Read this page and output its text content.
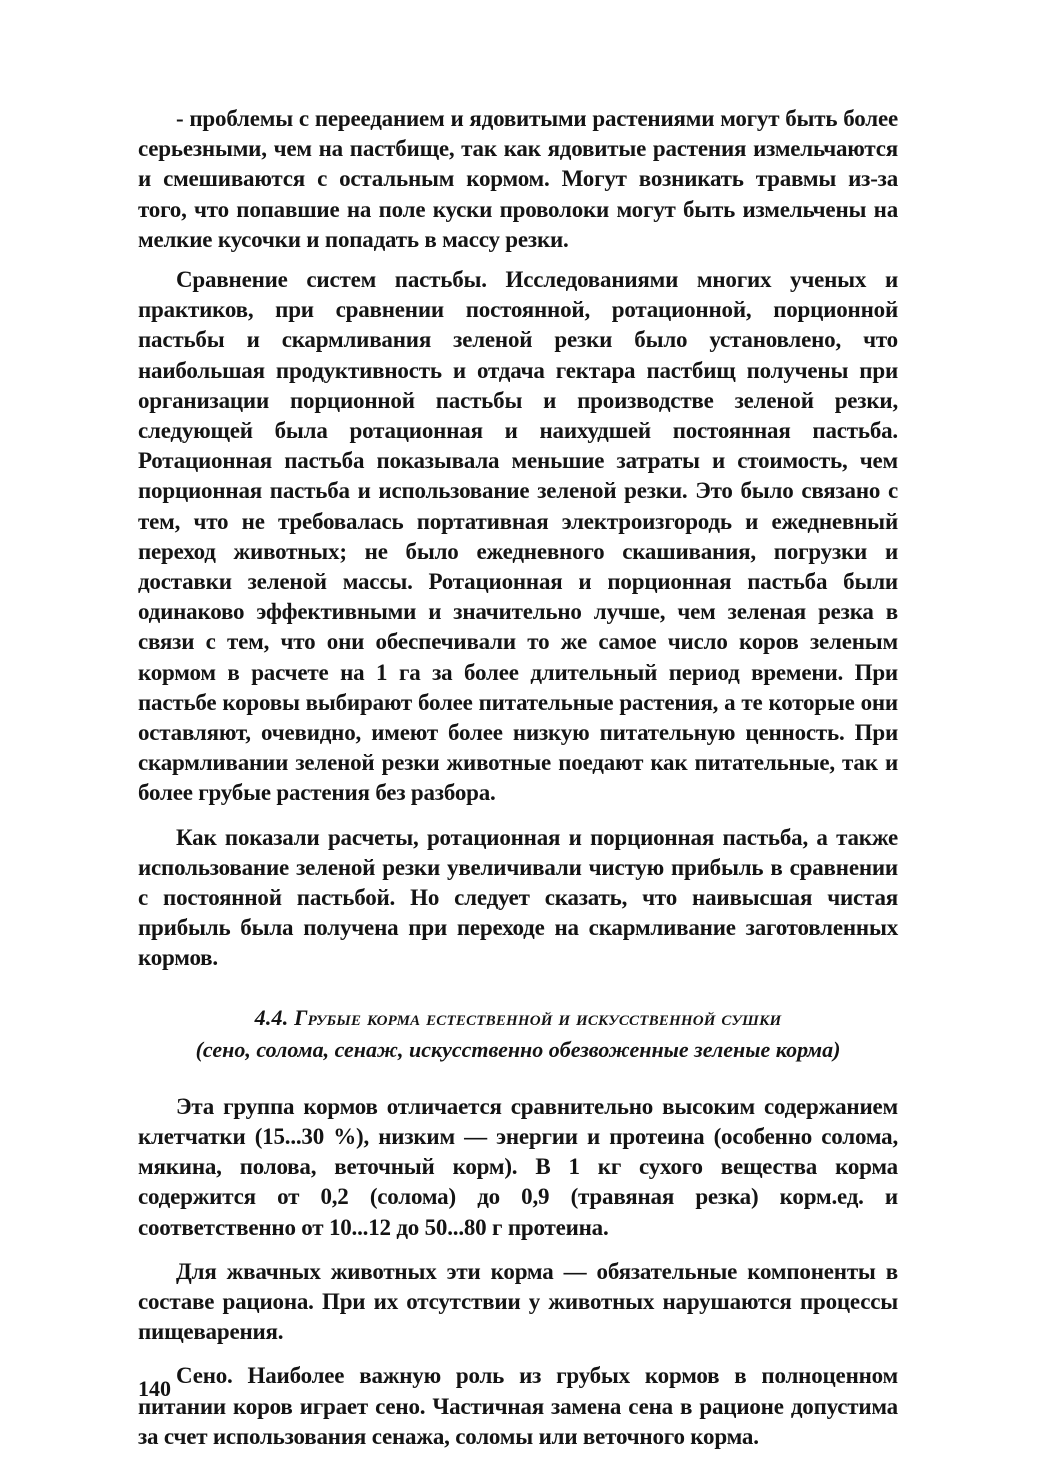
- проблемы с перееданием и ядовитыми растениями могут быть более серьезными, чем на пастбище, так как ядовитые растения измельчаются и смешиваются с остальным кормом. Могут возникать травмы из-за того, что попавшие на поле куски проволоки могут быть измельчены на мелкие кусочки и попадать в массу резки.

Сравнение систем пастьбы. Исследованиями многих ученых и практиков, при сравнении постоянной, ротационной, порционной пастьбы и скармливания зеленой резки было установлено, что наибольшая продуктивность и отдача гектара пастбищ получены при организации порционной пастьбы и производстве зеленой резки, следующей была ротационная и наихудшей постоянная пастьба. Ротационная пастьба показывала меньшие затраты и стоимость, чем порционная пастьба и использование зеленой резки. Это было связано с тем, что не требовалась портативная электроизгородь и ежедневный переход животных; не было ежедневного скашивания, погрузки и доставки зеленой массы. Ротационная и порционная пастьба были одинаково эффективными и значительно лучше, чем зеленая резка в связи с тем, что они обеспечивали то же самое число коров зеленым кормом в расчете на 1 га за более длительный период времени. При пастьбе коровы выбирают более питательные растения, а те которые они оставляют, очевидно, имеют более низкую питательную ценность. При скармливании зеленой резки животные поедают как питательные, так и более грубые растения без разбора.

Как показали расчеты, ротационная и порционная пастьба, а также использование зеленой резки увеличивали чистую прибыль в сравнении с постоянной пастьбой. Но следует сказать, что наивысшая чистая прибыль была получена при переходе на скармливание заготовленных кормов.

4.4. Грубые корма естественной и искусственной сушки
(сено, солома, сенаж, искусственно обезвоженные зеленые корма)

Эта группа кормов отличается сравнительно высоким содержанием клетчатки (15...30 %), низким — энергии и протеина (особенно солома, мякина, полова, веточный корм). В 1 кг сухого вещества корма содержится от 0,2 (солома) до 0,9 (травяная резка) корм.ед. и соответственно от 10...12 до 50...80 г протеина.

Для жвачных животных эти корма — обязательные компоненты в составе рациона. При их отсутствии у животных нарушаются процессы пищеварения.

Сено. Наиболее важную роль из грубых кормов в полноценном питании коров играет сено. Частичная замена сена в рационе допустима за счет использования сенажа, соломы или веточного корма.

140
